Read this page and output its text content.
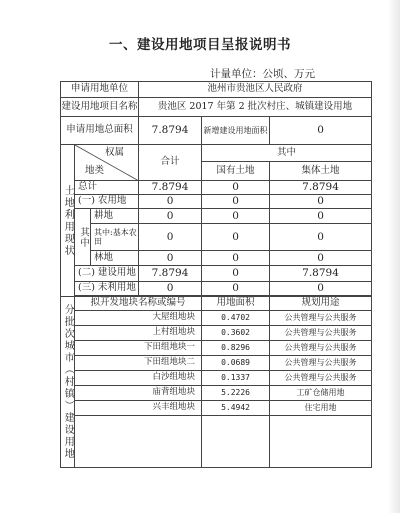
一、建设用地项目呈报说明书
计量单位：公顷、万元
申请用地单位			池州市贵池区人民政府		
建设用地项目名称			贵池区 2017 年第 2 批次村庄、城镇建设用地		
申请用地总面积			7.8794	新增建设用地面积	0
土地利用现状	权属
地类		合计	其中	
				国有土地	集体土地
	总计		7.8794	0	7.8794
	(一) 农用地		0	0	0
	其中	耕地	0	0	0
		其中:基本农田	0	0	0
		林地	0	0	0
	(二) 建设用地		7.8794	0	7.8794
	(三) 未利用地		0	0	0

分批次城市（村镇）建设用地	拟开发地块名称或编号			用地面积	规划用途
	大屋组地块			0.4702	公共管理与公共服务
	上村组地块			0.3602	公共管理与公共服务
	下田组地块一			0.8296	公共管理与公共服务
	下田组地块二			0.0689	公共管理与公共服务
	白沙组地块			0.1337	公共管理与公共服务
	庙背组地块			5.2226	工矿仓储用地
	兴丰组地块			5.4942	住宅用地
